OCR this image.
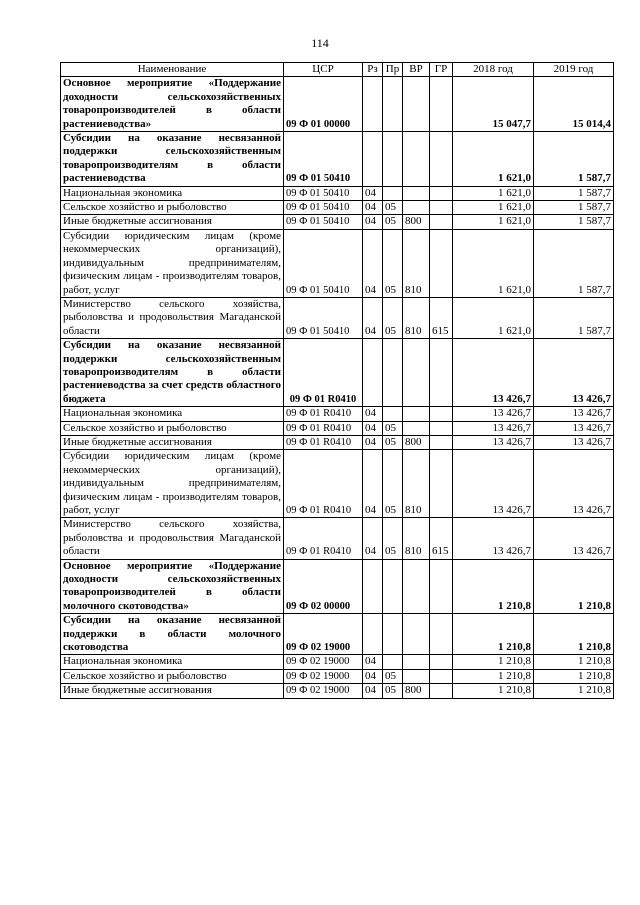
114
Наименование	ЦСР	Рз	Пр	ВР	ГР	2018 год	2019 год
Основное мероприятие «Поддержание доходности сельскохозяйственных товаропроизводителей в области растениеводства»	09 Ф 01 00000					15 047,7	15 014,4
Субсидии на оказание несвязанной поддержки сельскохозяйственным товаропроизводителям в области растениеводства	09 Ф 01 50410					1 621,0	1 587,7
Национальная экономика	09 Ф 01 50410	04				1 621,0	1 587,7
Сельское хозяйство и рыболовство	09 Ф 01 50410	04	05			1 621,0	1 587,7
Иные бюджетные ассигнования	09 Ф 01 50410	04	05	800		1 621,0	1 587,7
Субсидии юридическим лицам (кроме некоммерческих организаций), индивидуальным предпринимателям, физическим лицам - производителям товаров, работ, услуг	09 Ф 01 50410	04	05	810		1 621,0	1 587,7
Министерство сельского хозяйства, рыболовства и продовольствия Магаданской области	09 Ф 01 50410	04	05	810	615	1 621,0	1 587,7
Субсидии на оказание несвязанной поддержки сельскохозяйственным товаропроизводителям в области растениеводства за счет средств областного бюджета	09 Ф 01 R0410					13 426,7	13 426,7
Национальная экономика	09 Ф 01 R0410	04				13 426,7	13 426,7
Сельское хозяйство и рыболовство	09 Ф 01 R0410	04	05			13 426,7	13 426,7
Иные бюджетные ассигнования	09 Ф 01 R0410	04	05	800		13 426,7	13 426,7
Субсидии юридическим лицам (кроме некоммерческих организаций), индивидуальным предпринимателям, физическим лицам - производителям товаров, работ, услуг	09 Ф 01 R0410	04	05	810		13 426,7	13 426,7
Министерство сельского хозяйства, рыболовства и продовольствия Магаданской области	09 Ф 01 R0410	04	05	810	615	13 426,7	13 426,7
Основное мероприятие «Поддержание доходности сельскохозяйственных товаропроизводителей в области молочного скотоводства»	09 Ф 02 00000					1 210,8	1 210,8
Субсидии на оказание несвязанной поддержки в области молочного скотоводства	09 Ф 02 19000					1 210,8	1 210,8
Национальная экономика	09 Ф 02 19000	04				1 210,8	1 210,8
Сельское хозяйство и рыболовство	09 Ф 02 19000	04	05			1 210,8	1 210,8
Иные бюджетные ассигнования	09 Ф 02 19000	04	05	800		1 210,8	1 210,8
